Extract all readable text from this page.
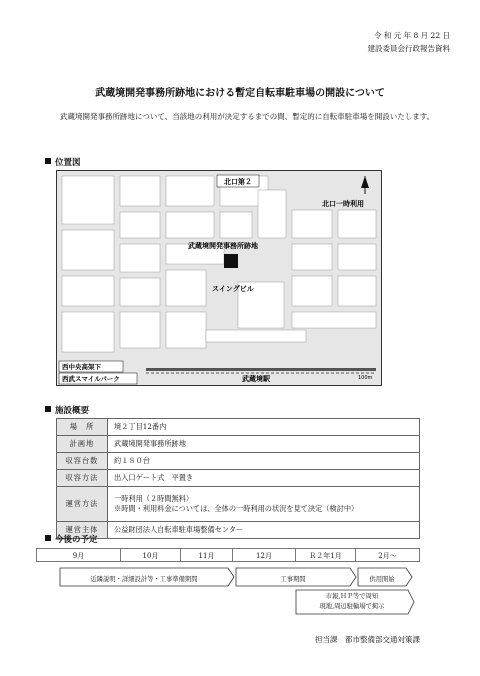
令 和 元 年 8 月 22 日
建設委員会行政報告資料
武蔵境開発事務所跡地における暫定自転車駐車場の開設について
武蔵境開発事務所跡地について、当該地の利用が決定するまでの間、暫定的に自転車駐車場を開設いたします。
位置図
北口第２
北口一時利用
武蔵境開発事務所跡地
スイングビル
西中央高架下
西武スマイルパーク	武蔵境駅	100m
施設概要
場　所	境２丁目12番内
計画地	武蔵境開発事務所跡地
収容台数	約１８０台
収容方法	出入口ゲート式　平置き
運営方法	一時利用（２時間無料）
※時間・利用料金については、全体の一時利用の状況を見て決定（検討中）

運営主体	公益財団法人自転車駐車場整備センター
今後の予定
9月	10月	11月	12月	Ｒ２年1月	2月～
近隣説明・詳細設計等・工事準備期間	工事期間	供用開始
市報,ＨＰ等で周知
現地,周辺駐輪場で掲示
担当課　都市整備部交通対策課
